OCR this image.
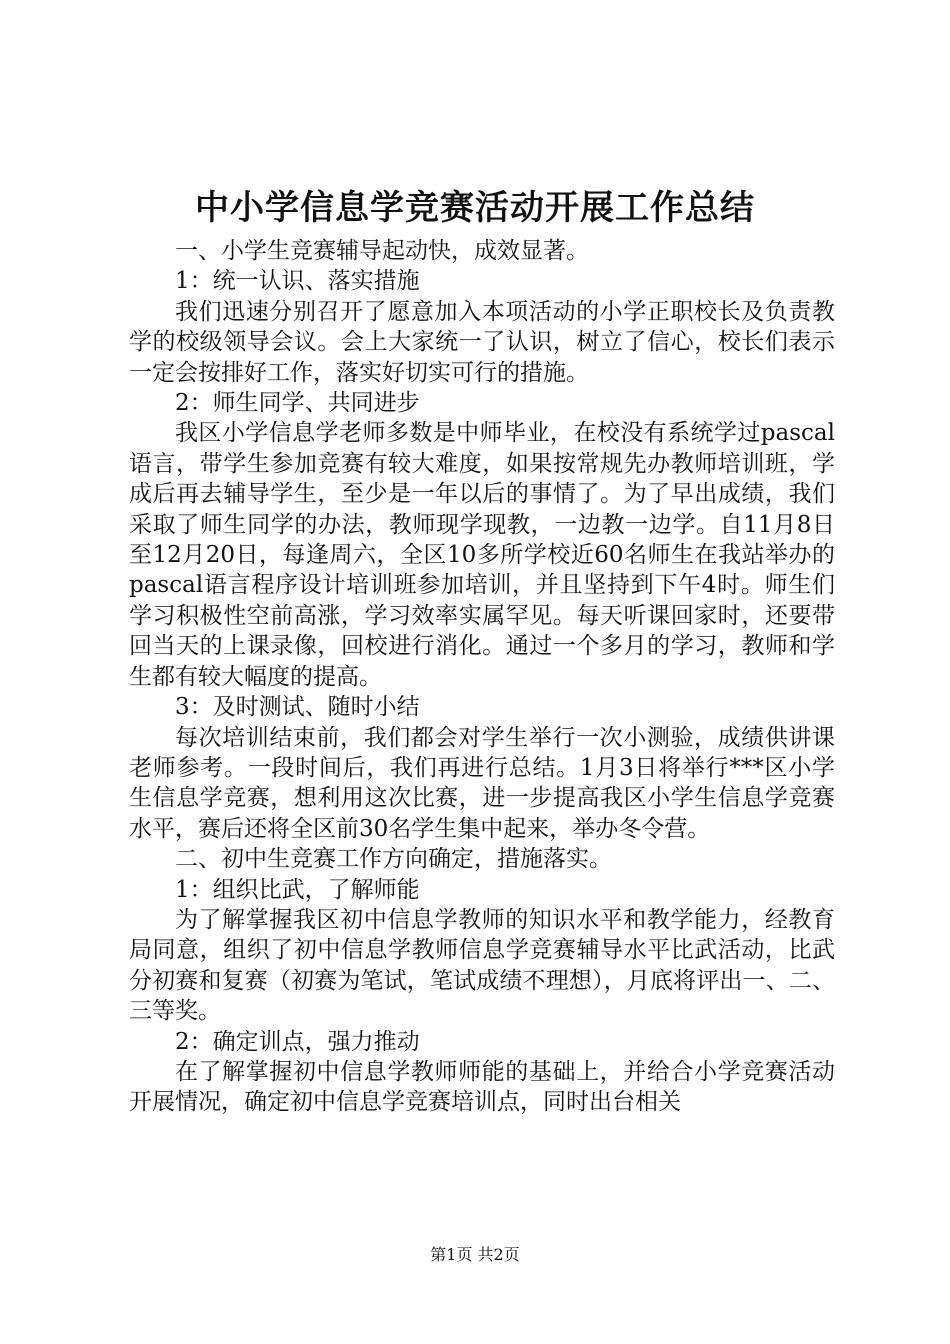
中小学信息学竞赛活动开展工作总结

一、小学生竞赛辅导起动快，成效显著。

1：统一认识、落实措施

我们迅速分别召开了愿意加入本项活动的小学正职校长及负责教学的校级领导会议。会上大家统一了认识，树立了信心，校长们表示一定会按排好工作，落实好切实可行的措施。

2：师生同学、共同进步

我区小学信息学老师多数是中师毕业，在校没有系统学过pascal语言，带学生参加竞赛有较大难度，如果按常规先办教师培训班，学成后再去辅导学生，至少是一年以后的事情了。为了早出成绩，我们采取了师生同学的办法，教师现学现教，一边教一边学。自11月8日至12月20日，每逢周六，全区10多所学校近60名师生在我站举办的pascal语言程序设计培训班参加培训，并且坚持到下午4时。师生们学习积极性空前高涨，学习效率实属罕见。每天听课回家时，还要带回当天的上课录像，回校进行消化。通过一个多月的学习，教师和学生都有较大幅度的提高。

3：及时测试、随时小结

每次培训结束前，我们都会对学生举行一次小测验，成绩供讲课老师参考。一段时间后，我们再进行总结。1月3日将举行***区小学生信息学竞赛，想利用这次比赛，进一步提高我区小学生信息学竞赛水平，赛后还将全区前30名学生集中起来，举办冬令营。

二、初中生竞赛工作方向确定，措施落实。

1：组织比武，了解师能

为了解掌握我区初中信息学教师的知识水平和教学能力，经教育局同意，组织了初中信息学教师信息学竞赛辅导水平比武活动，比武分初赛和复赛（初赛为笔试，笔试成绩不理想），月底将评出一、二、三等奖。

2：确定训点，强力推动

在了解掌握初中信息学教师师能的基础上，并给合小学竞赛活动开展情况，确定初中信息学竞赛培训点，同时出台相关

第1页 共2页
